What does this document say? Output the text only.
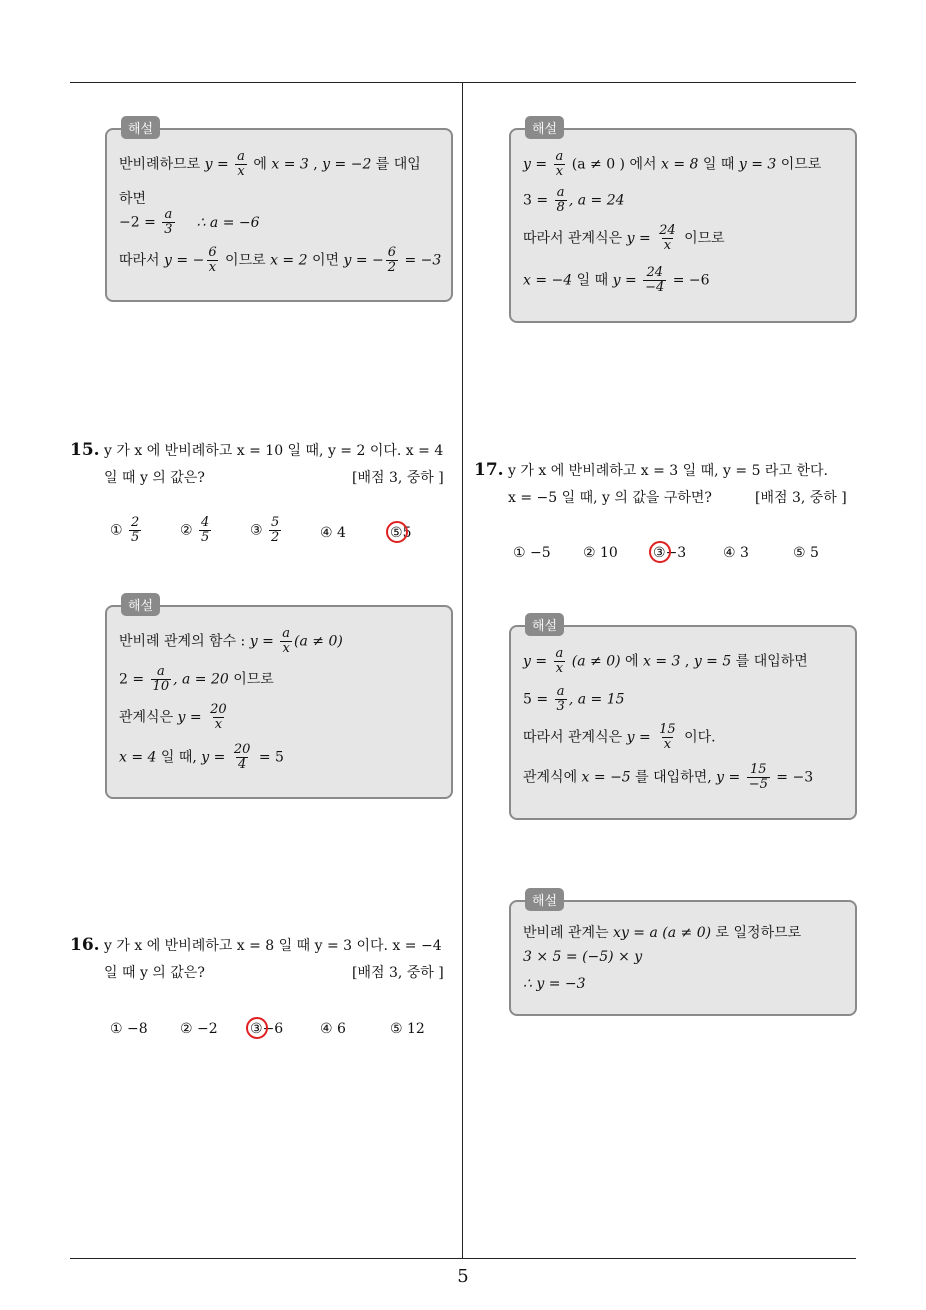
해설
반비례하므로 $y = \frac{a}{x}$ 에 x = 3 , y = −2 를 대입
하면
$-2 = \frac{a}{3}$ ∴ a = −6
따라서 y = − $\frac{6}{x}$ 이므로 x = 2 이면 y = − $\frac{6}{2} = -3$
해설
$y = \frac{a}{x} (a \ne 0$ ) 에서 x = 8 일 때 y = 3 이므로
$3 = \frac{a}{8}$ , a = 24
따라서 관계식은 $y = \frac{24}{x}$ 이므로
x = −4 일 때 $y = \frac{24}{-4} = -6$
15. y 가 x 에 반비례하고 x = 10 일 때, y = 2 이다. x = 4
일 때 y 의 값은?	[배점 3, 중하 ]
① $\frac{2}{5}$	② $\frac{4}{5}$	③ $\frac{5}{2}$	④ 4	⑤5
해설
반비례 관계의 함수 : $y = \frac{a}{x} (a \ne 0)$
$2 = \frac{a}{10}$ , a = 20 이므로
관계식은 $y = \frac{20}{x}$
x = 4 일 때, $y = \frac{20}{4} = 5$
16. y 가 x 에 반비례하고 x = 8 일 때 y = 3 이다. x = −4
일 때 y 의 값은?	[배점 3, 중하 ]
① −8 ② −2 ③−6	④ 6	⑤ 12
17. y 가 x 에 반비례하고 x = 3 일 때, y = 5 라고 한다.
x = −5 일 때, y 의 값을 구하면?	[배점 3, 중하 ]
① −5 ② 10	③−3	④ 3	⑤ 5
해설
$y = \frac{a}{x} (a \ne 0)$ 에 x = 3 , y = 5 를 대입하면
$5 = \frac{a}{3}$ , a = 15
따라서 관계식은 $y = \frac{15}{x}$ 이다.
관계식에 x = −5 를 대입하면, $y = \frac{15}{-5} = -3$
해설
반비례 관계는 xy = a (a ≠ 0) 로 일정하므로
3 × 5 = (−5) × y
∴ y = −3
5
